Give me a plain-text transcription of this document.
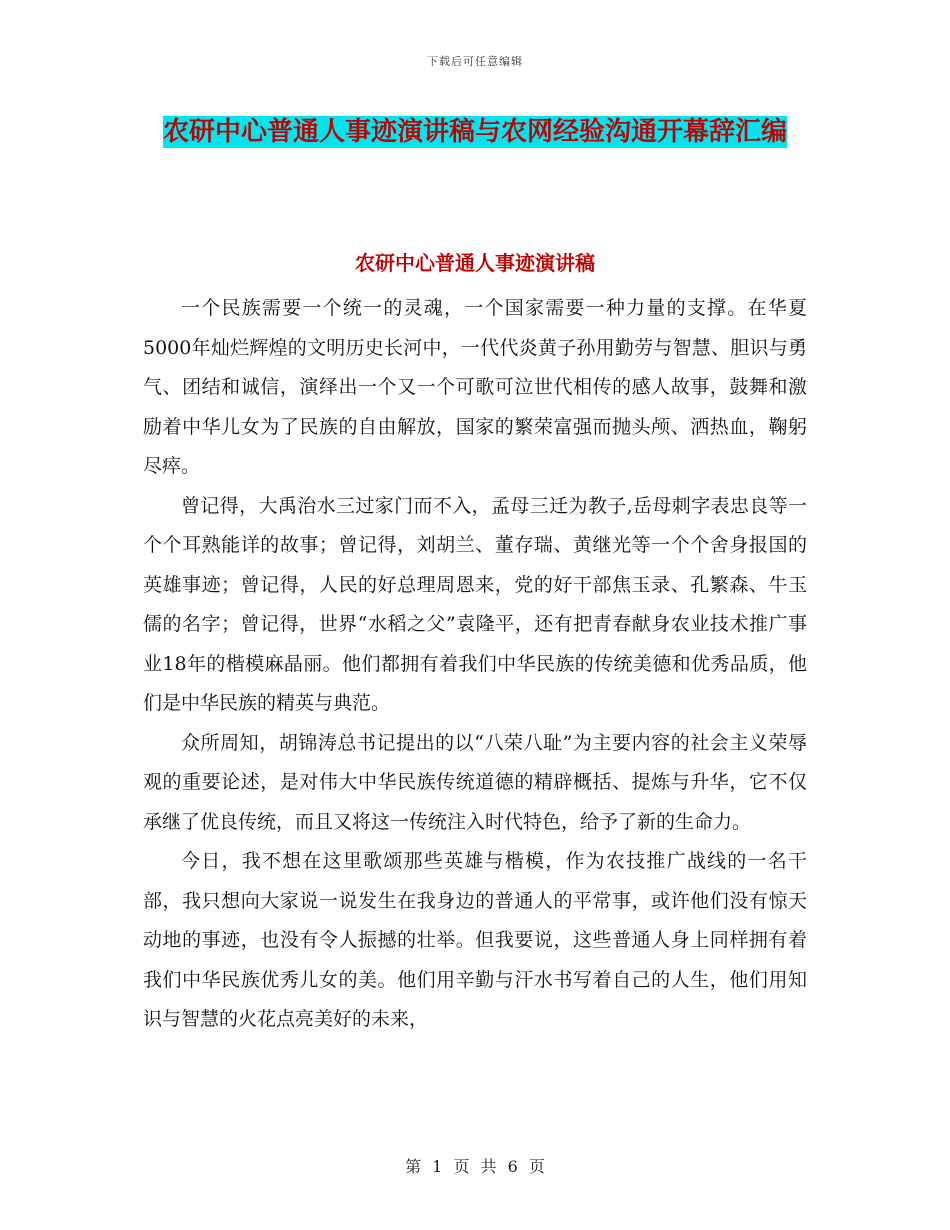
下载后可任意编辑
农研中心普通人事迹演讲稿与农网经验沟通开幕辞汇编
农研中心普通人事迹演讲稿

一个民族需要一个统一的灵魂，一个国家需要一种力量的支撑。在华夏5000年灿烂辉煌的文明历史长河中，一代代炎黄子孙用勤劳与智慧、胆识与勇气、团结和诚信，演绎出一个又一个可歌可泣世代相传的感人故事，鼓舞和激励着中华儿女为了民族的自由解放，国家的繁荣富强而抛头颅、洒热血，鞠躬尽瘁。

曾记得，大禹治水三过家门而不入，孟母三迁为教子,岳母刺字表忠良等一个个耳熟能详的故事；曾记得，刘胡兰、董存瑞、黄继光等一个个舍身报国的英雄事迹；曾记得，人民的好总理周恩来，党的好干部焦玉录、孔繁森、牛玉儒的名字；曾记得，世界“水稻之父”袁隆平，还有把青春献身农业技术推广事业18年的楷模麻晶丽。他们都拥有着我们中华民族的传统美德和优秀品质，他们是中华民族的精英与典范。

众所周知，胡锦涛总书记提出的以“八荣八耻”为主要内容的社会主义荣辱观的重要论述，是对伟大中华民族传统道德的精辟概括、提炼与升华，它不仅承继了优良传统，而且又将这一传统注入时代特色，给予了新的生命力。

今日，我不想在这里歌颂那些英雄与楷模，作为农技推广战线的一名干部，我只想向大家说一说发生在我身边的普通人的平常事，或许他们没有惊天动地的事迹，也没有令人振撼的壮举。但我要说，这些普通人身上同样拥有着我们中华民族优秀儿女的美。他们用辛勤与汗水书写着自己的人生，他们用知识与智慧的火花点亮美好的未来，

第 1 页 共 6 页
